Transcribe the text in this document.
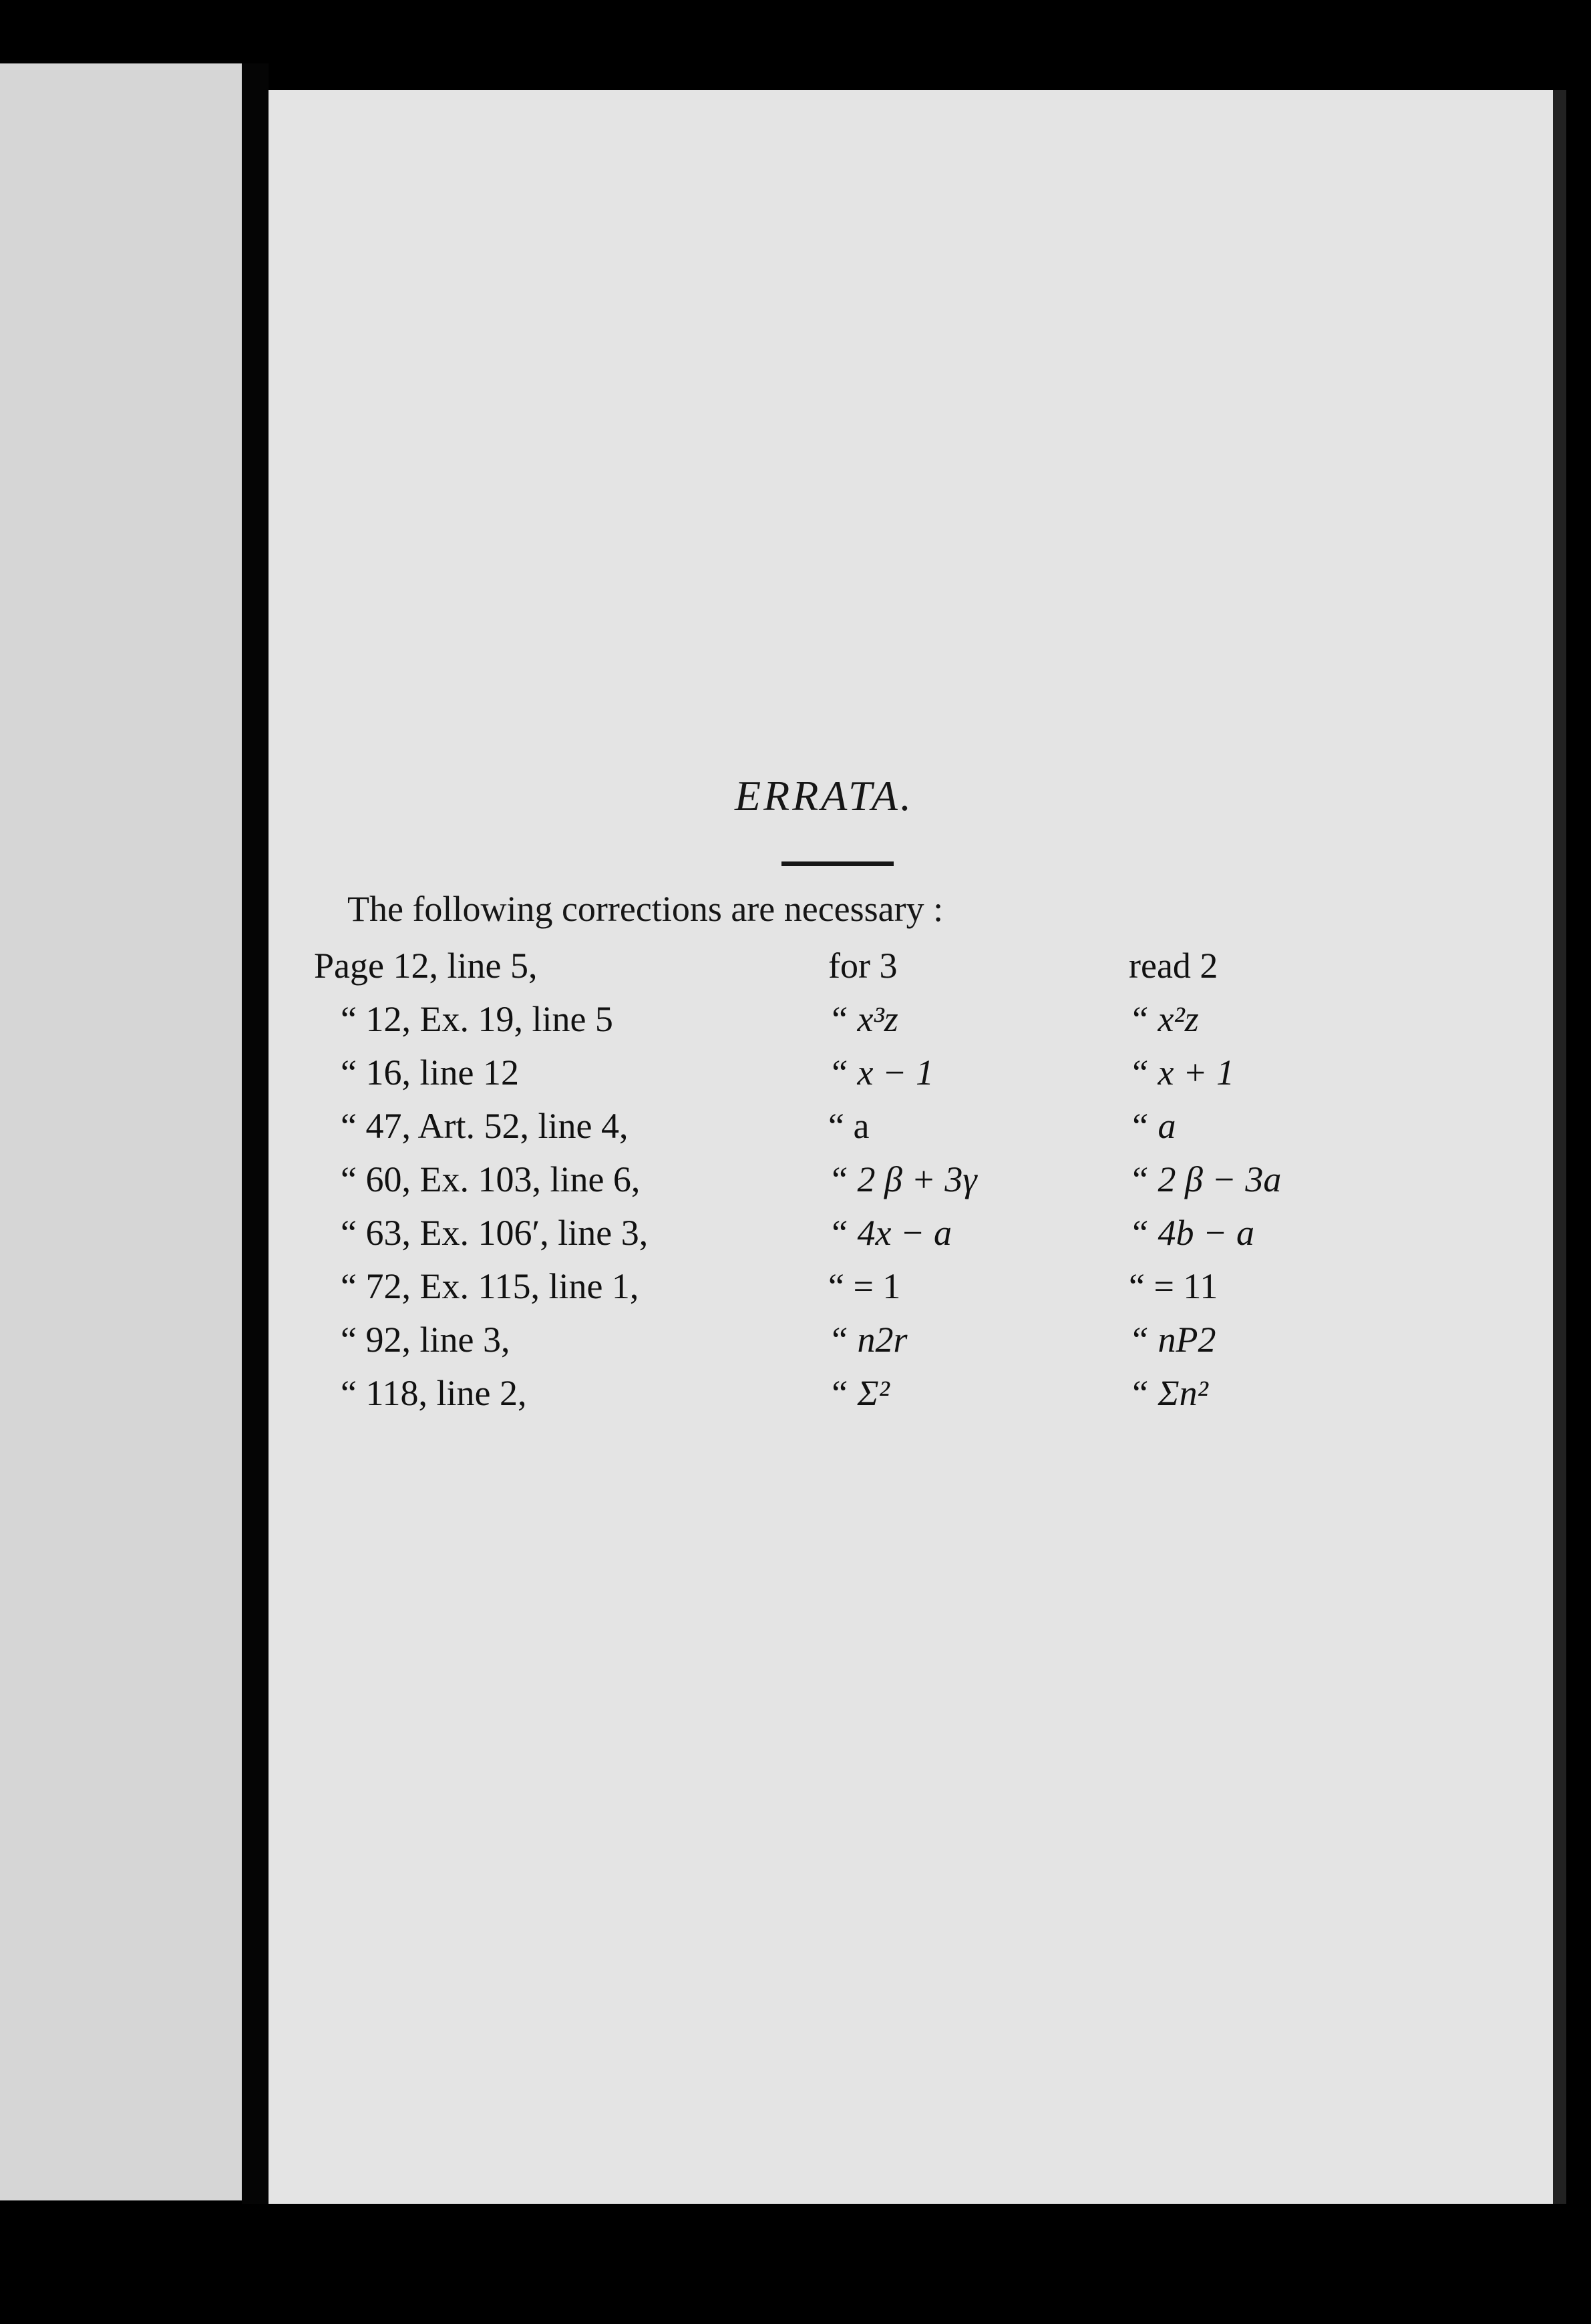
ERRATA.
The following corrections are necessary :
Page 12, line 5,	for 3	read 2
“ 12, Ex. 19, line 5	“ x³z	“ x²z
“ 16, line 12	“ x − 1	“ x + 1
“ 47, Art. 52, line 4,	“ a	“ a
“ 60, Ex. 103, line 6,	“ 2 β + 3γ	“ 2 β − 3a
“ 63, Ex. 106′, line 3,	“ 4x − a	“ 4b − a
“ 72, Ex. 115, line 1,	“ = 1	“ = 11
“ 92, line 3,	“ n2r	“ nP2
“ 118, line 2,	“ Σ²	“ Σn²
